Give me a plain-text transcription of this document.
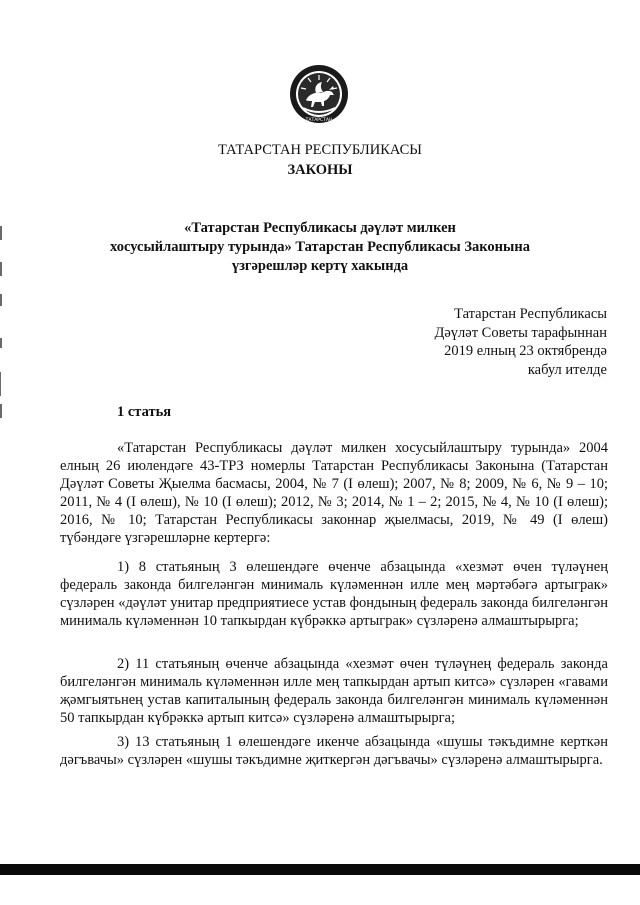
ТАТАРСТАН
ТАТАРСТАН РЕСПУБЛИКАСЫ
ЗАКОНЫ
«Татарстан Республикасы дәүләт милкен
хосусыйлаштыру турында» Татарстан Республикасы Законына
үзгәрешләр кертү хакында
Татарстан Республикасы
Дәүләт Советы тарафыннан
2019 елның 23 октябрендә
кабул ителде
1 статья
«Татарстан Республикасы дәүләт милкен хосусыйлаштыру турында» 2004 елның 26 июлендәге 43-ТРЗ номерлы Татарстан Республикасы Законына (Татарстан Дәүләт Советы Җыелма басмасы, 2004, № 7 (I өлеш); 2007, № 8; 2009, № 6, № 9 – 10; 2011, № 4 (I өлеш), № 10 (I өлеш); 2012, № 3; 2014, № 1 – 2; 2015, № 4, № 10 (I өлеш); 2016, № 10; Татарстан Республикасы законнар җыелмасы, 2019, № 49 (I өлеш) түбәндәге үзгәрешләрне кертергә:
1) 8 статьяның 3 өлешендәге өченче абзацында «хезмәт өчен түләүнең федераль законда билгеләнгән минималь күләменнән илле мең мәртәбәгә артыграк» сүзләрен «дәүләт унитар предприятиесе устав фондының федераль законда билгеләнгән минималь күләменнән 10 тапкырдан күбрәккә артыграк» сүзләренә алмаштырырга;
2) 11 статьяның өченче абзацында «хезмәт өчен түләүнең федераль законда билгеләнгән минималь күләменнән илле мең тапкырдан артып китсә» сүзләрен «гавами җәмгыятьнең устав капиталының федераль законда билгеләнгән минималь күләменнән 50 тапкырдан күбрәккә артып китсә» сүзләренә алмаштырырга;
3) 13 статьяның 1 өлешендәге икенче абзацында «шушы тәкъдимне керткән дәгъвачы» сүзләрен «шушы тәкъдимне җиткергән дәгъвачы» сүзләренә алмаштырырга.
